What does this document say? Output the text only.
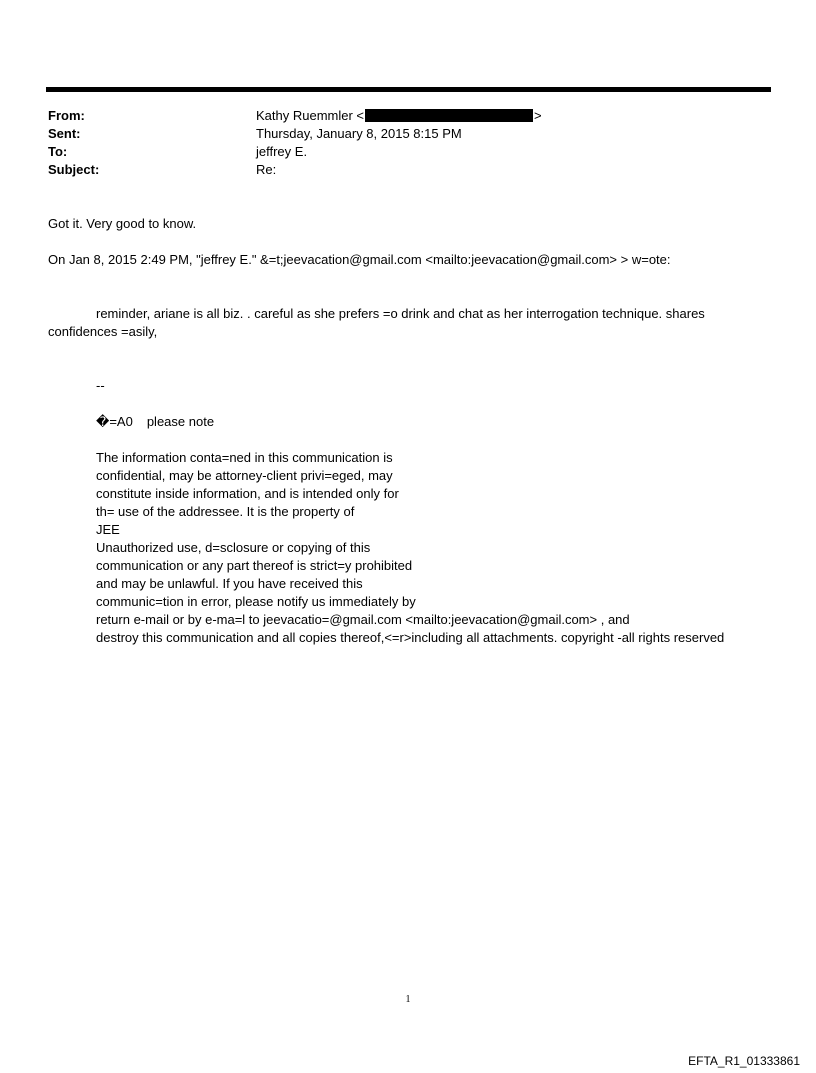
From:
Sent:
To:
Subject:
Kathy Ruemmler <	>
Thursday, January 8, 2015 8:15 PM
jeffrey E.
Re:
Got it. Very good to know.
On Jan 8, 2015 2:49 PM, "jeffrey E." &=t;jeevacation@gmail.com <mailto:jeevacation@gmail.com> > w=ote:
reminder, ariane is all biz. . careful as she prefers =o drink and chat as her interrogation technique. shares
confidences =asily,
--
�=A0 please note
The information conta=ned in this communication is
confidential, may be attorney-client privi=eged, may
constitute inside information, and is intended only for
th= use of the addressee. It is the property of
JEE
Unauthorized use, d=sclosure or copying of this
communication or any part thereof is strict=y prohibited
and may be unlawful. If you have received this
communic=tion in error, please notify us immediately by
return e-mail or by e-ma=l to jeevacatio=@gmail.com <mailto:jeevacation@gmail.com> , and
destroy this communication and all copies thereof,<=r>including all attachments. copyright -all rights reserved
1
EFTA_R1_01333861
